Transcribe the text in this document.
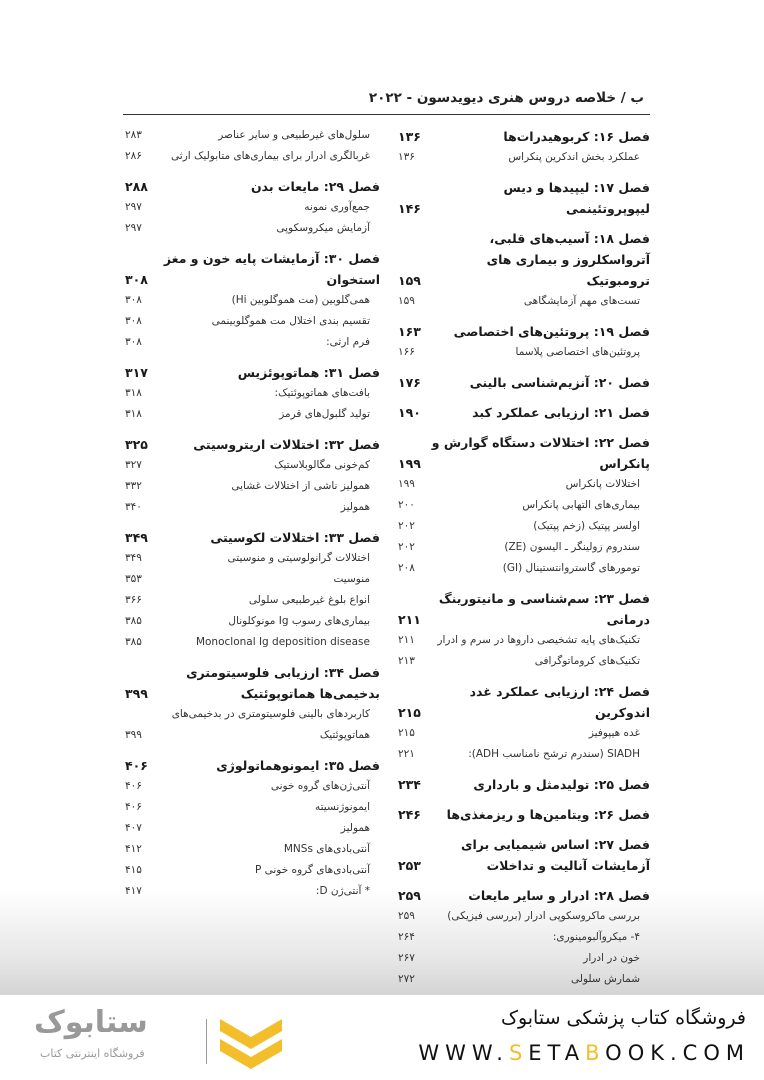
ب / خلاصه دروس هنری دیویدسون - ۲۰۲۲
فصل ۱۶: کربوهیدرات‌ها
۱۳۶
عملکرد بخش اندکرین پنکراس
۱۳۶
فصل ۱۷: لیپیدها و دیس لیپوپروتئینمی
۱۴۶
فصل ۱۸: آسیب‌های قلبی، آترواسکلروز و بیماری های ترومبوتیک
۱۵۹
تست‌های مهم آزمایشگاهی
۱۵۹
فصل ۱۹: پروتئین‌های اختصاصی
۱۶۳
پروتئین‌های اختصاصی پلاسما
۱۶۶
فصل ۲۰: آنزیم‌شناسی بالینی
۱۷۶
فصل ۲۱: ارزیابی عملکرد کبد
۱۹۰
فصل ۲۲: اختلالات دستگاه گوارش و پانکراس
۱۹۹
اختلالات پانکراس
۱۹۹
بیماری‌های التهابی پانکراس
۲۰۰
اولسر پپتیک (زخم پپتیک)
۲۰۲
سندروم زولینگر ـ الیسون (ZE)
۲۰۲
تومورهای گاستروانتستینال (GI)
۲۰۸
فصل ۲۳: سم‌شناسی و مانیتورینگ درمانی
۲۱۱
تکنیک‌های پایه تشخیصی داروها در سرم و ادرار
۲۱۱
تکنیک‌های کروماتوگرافی
۲۱۳
فصل ۲۴: ارزیابی عملکرد غدد اندوکرین
۲۱۵
غده هیپوفیز
۲۱۵
SIADH (سندرم ترشح نامناسب ADH):
۲۲۱
فصل ۲۵: تولیدمثل و بارداری
۲۳۴
فصل ۲۶: ویتامین‌ها و ریزمغذی‌ها
۲۴۶
فصل ۲۷: اساس شیمیایی برای آزمایشات آنالیت و تداخلات
۲۵۳
فصل ۲۸: ادرار و سایر مایعات
۲۵۹
بررسی ماکروسکوپی ادرار (بررسی فیزیکی)
۲۵۹
۴- میکروآلبومینوری:
۲۶۴
خون در ادرار
۲۶۷
شمارش سلولی
۲۷۲
سلول‌های غیرطبیعی و سایر عناصر
۲۸۳
غربالگری ادرار برای بیماری‌های متابولیک ارثی
۲۸۶
فصل ۲۹: مایعات بدن
۲۸۸
جمع‌آوری نمونه
۲۹۷
آزمایش میکروسکوپی
۲۹۷
فصل ۳۰: آزمایشات پایه خون و مغز استخوان
۳۰۸
همی‌گلوبین (مت هموگلوبین Hi)
۳۰۸
تقسیم بندی اختلال مت هموگلوبینمی
۳۰۸
فرم ارثی:
۳۰۸
فصل ۳۱: هماتوپوئزیس
۳۱۷
بافت‌های هماتوپوئتیک:
۳۱۸
تولید گلبول‌های قرمز
۳۱۸
فصل ۳۲: اختلالات اریتروسیتی
۳۲۵
کم‌خونی مگالوبلاستیک
۳۲۷
همولیز ناشی از اختلالات غشایی
۳۳۲
همولیز
۳۴۰
فصل ۳۳: اختلالات لکوسیتی
۳۴۹
اختلالات گرانولوسیتی و منوسیتی
۳۴۹
منوسیت
۳۵۳
انواع بلوغ غیرطبیعی سلولی
۳۶۶
بیماری‌های رسوب Ig مونوکلونال
۳۸۵
Monoclonal Ig deposition disease
۳۸۵
فصل ۳۴: ارزیابی فلوسیتومتری بدخیمی‌ها هماتوپوئتیک
۳۹۹
کاربردهای بالینی فلوسیتومتری در بدخیمی‌های هماتوپوئتیک
۳۹۹
فصل ۳۵: ایمونوهماتولوژی
۴۰۶
آنتی‌ژن‌های گروه خونی
۴۰۶
ایمونوژنسیته
۴۰۶
همولیز
۴۰۷
آنتی‌بادی‌های MNSs
۴۱۲
آنتی‌بادی‌های گروه خونی P
۴۱۵
* آنتی‌ژن D:
۴۱۷
ستابوک
فروشگاه اینترنتی کتاب
فروشگاه کتاب پزشکی ستابوک
WWW.SETABOOK.COM
